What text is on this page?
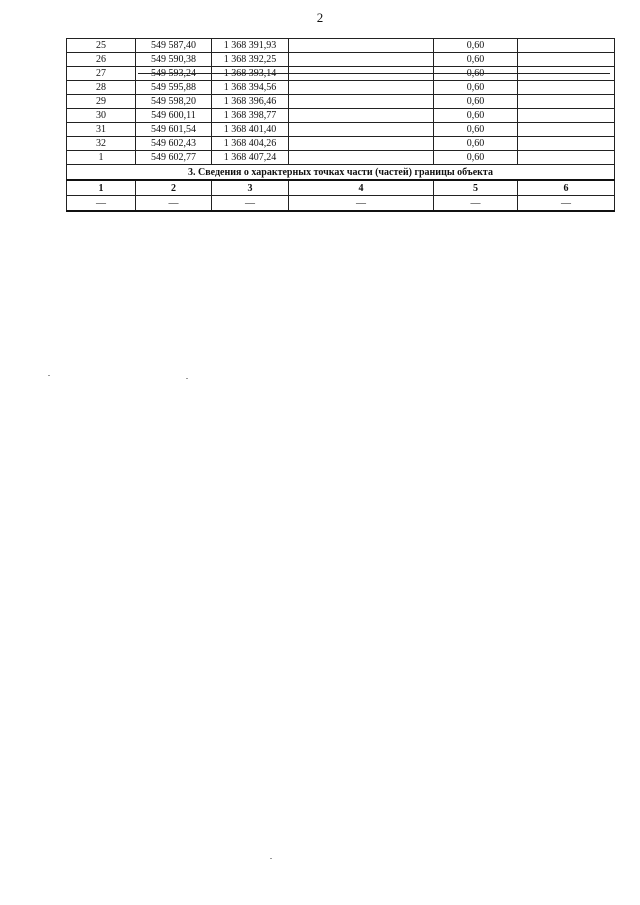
2
25	549 587,40	1 368 391,93		0,60	
26	549 590,38	1 368 392,25		0,60	
27	549 593,24	1 368 393,14		0,60	
28	549 595,88	1 368 394,56		0,60	
29	549 598,20	1 368 396,46		0,60	
30	549 600,11	1 368 398,77		0,60	
31	549 601,54	1 368 401,40		0,60	
32	549 602,43	1 368 404,26		0,60	
1	549 602,77	1 368 407,24		0,60	
3. Сведения о характерных точках части (частей) границы объекта					
1	2	3	4	5	6
—	—	—	—	—	—
